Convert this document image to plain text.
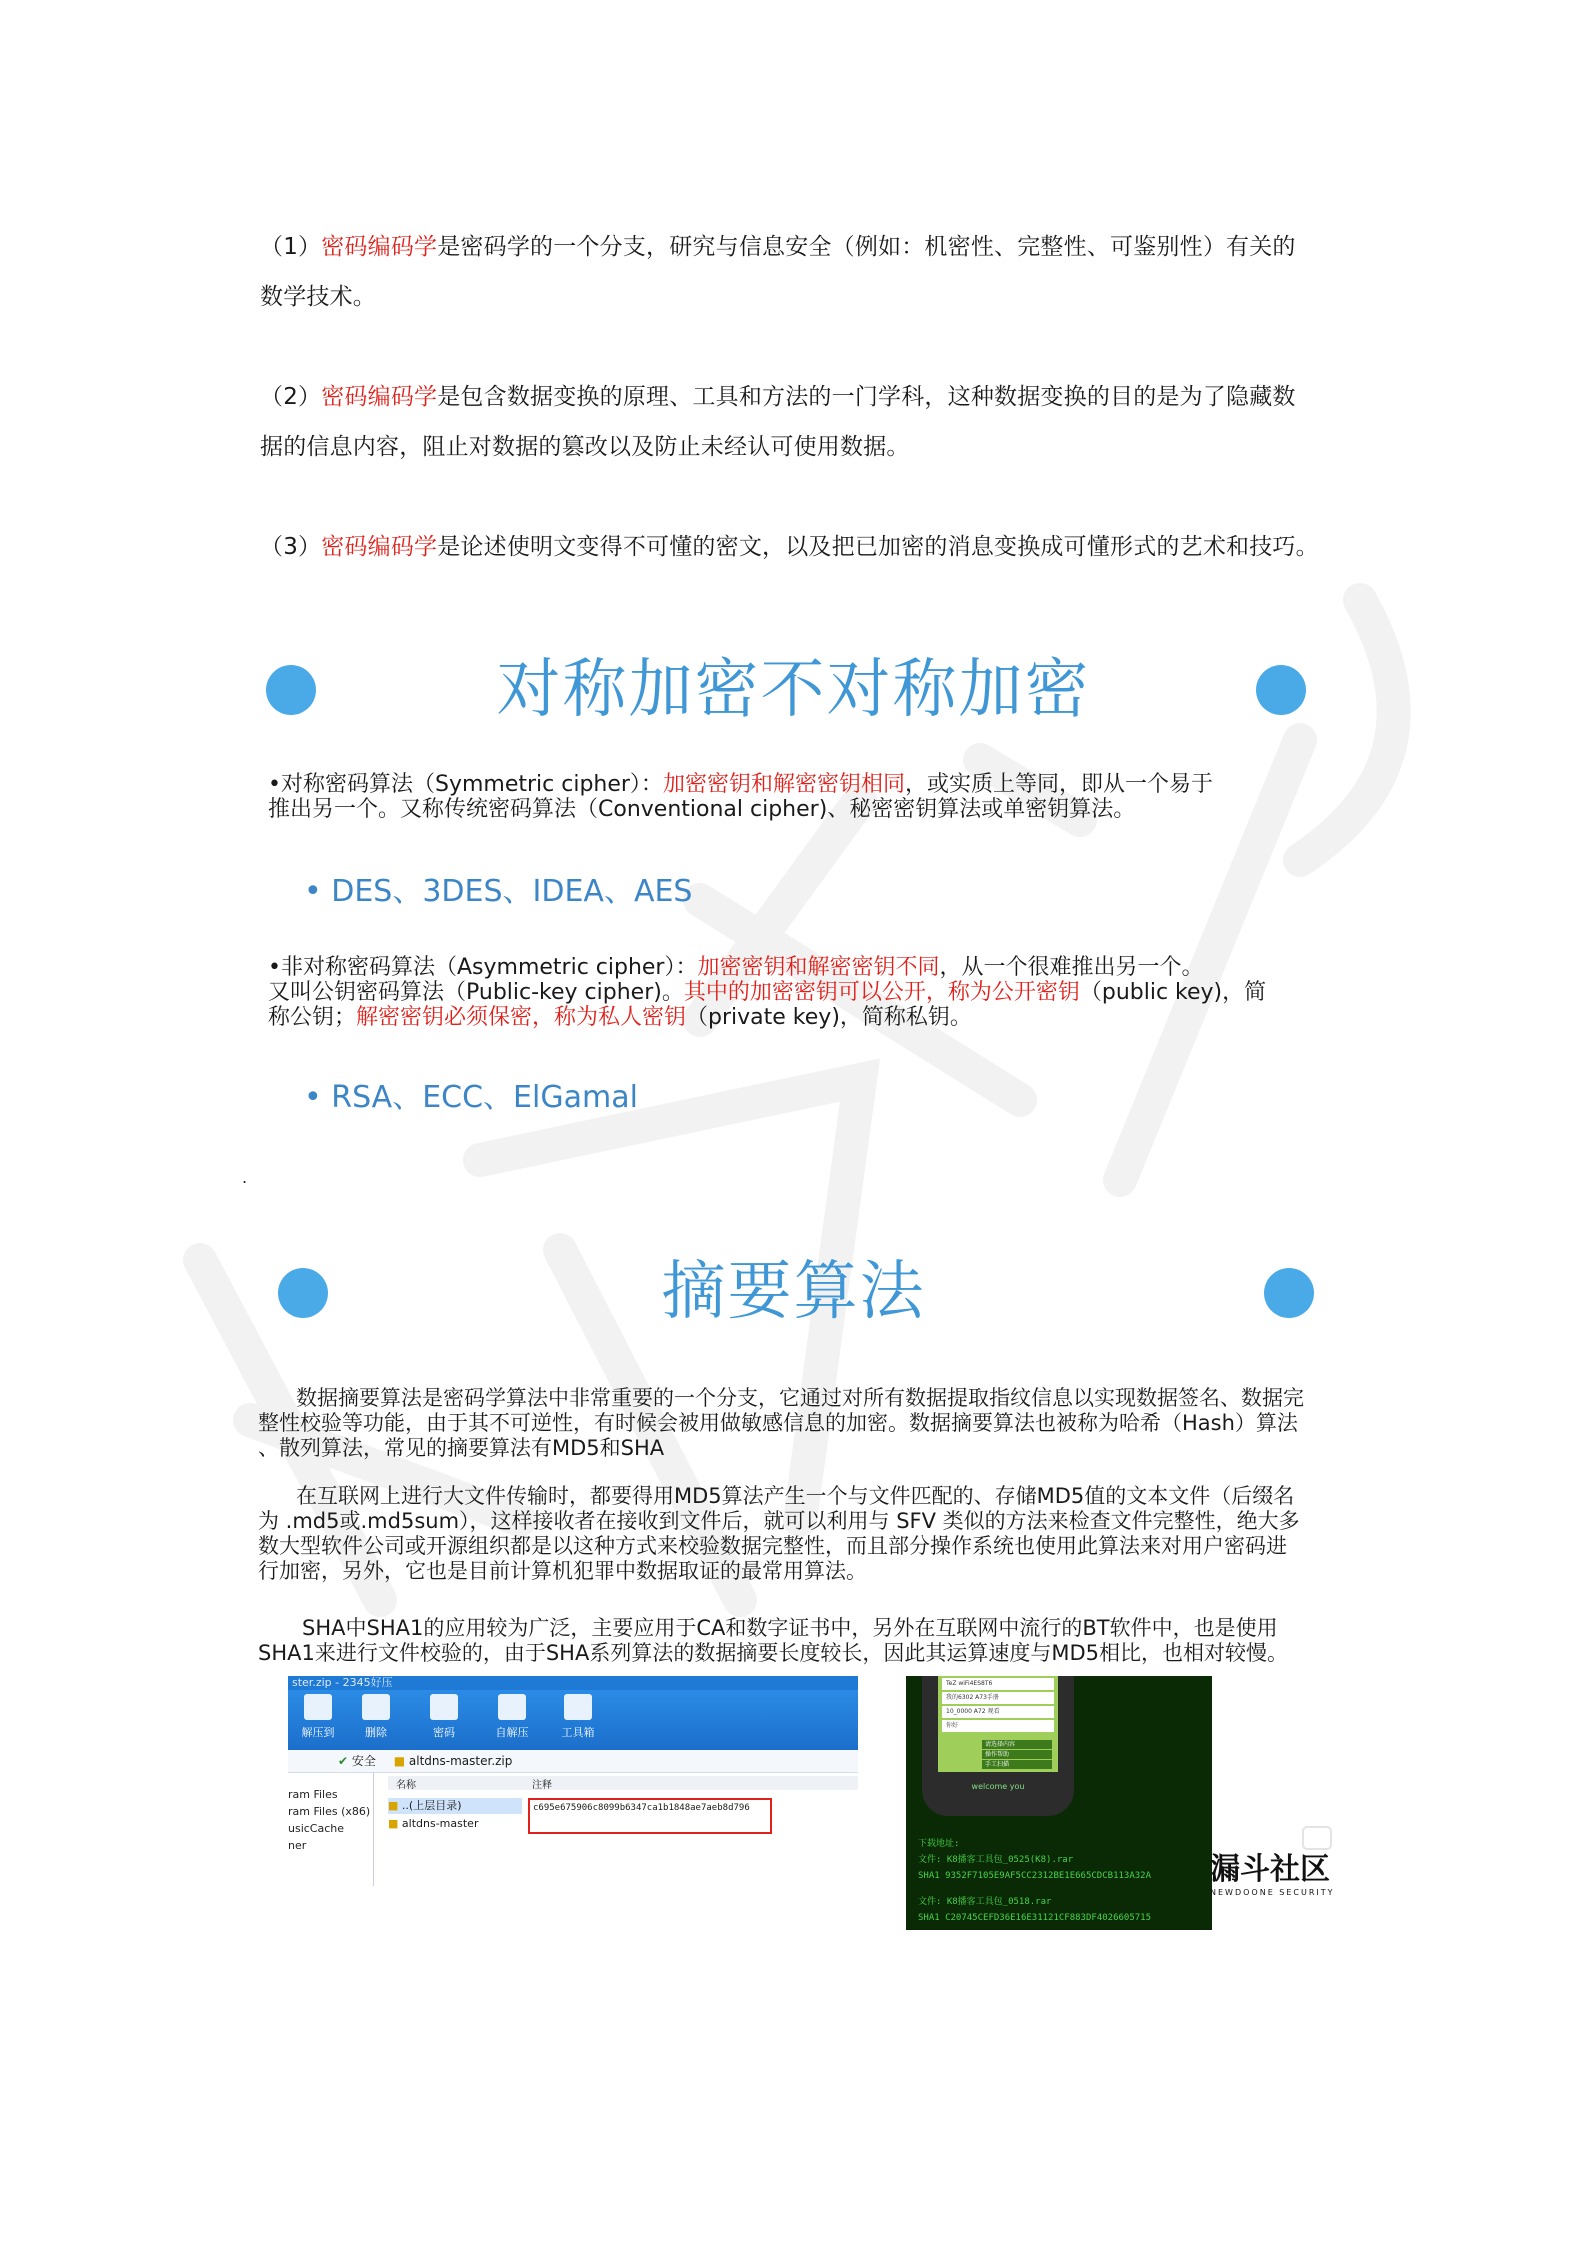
（1）密码编码学是密码学的一个分支，研究与信息安全（例如：机密性、完整性、可鉴别性）有关的
数学技术。
（2）密码编码学是包含数据变换的原理、工具和方法的一门学科，这种数据变换的目的是为了隐藏数
据的信息内容，阻止对数据的篡改以及防止未经认可使用数据。
（3）密码编码学是论述使明文变得不可懂的密文，以及把已加密的消息变换成可懂形式的艺术和技巧。
对称加密不对称加密
•对称密码算法（Symmetric cipher）：加密密钥和解密密钥相同，或实质上等同，即从一个易于
推出另一个。又称传统密码算法（Conventional cipher)、秘密密钥算法或单密钥算法。
• DES、3DES、IDEA、AES
•非对称密码算法（Asymmetric cipher）：加密密钥和解密密钥不同，从一个很难推出另一个。
又叫公钥密码算法（Public-key cipher)。其中的加密密钥可以公开，称为公开密钥（public key)，简
称公钥；解密密钥必须保密，称为私人密钥（private key)，简称私钥。
• RSA、ECC、ElGamal
.
摘要算法
数据摘要算法是密码学算法中非常重要的一个分支，它通过对所有数据提取指纹信息以实现数据签名、数据完
整性校验等功能，由于其不可逆性，有时候会被用做敏感信息的加密。数据摘要算法也被称为哈希（Hash）算法
、散列算法，常见的摘要算法有MD5和SHA
在互联网上进行大文件传输时，都要得用MD5算法产生一个与文件匹配的、存储MD5值的文本文件（后缀名
为 .md5或.md5sum），这样接收者在接收到文件后，就可以利用与 SFV 类似的方法来检查文件完整性，绝大多
数大型软件公司或开源组织都是以这种方式来校验数据完整性，而且部分操作系统也使用此算法来对用户密码进
行加密，另外，它也是目前计算机犯罪中数据取证的最常用算法。
SHA中SHA1的应用较为广泛，主要应用于CA和数字证书中，另外在互联网中流行的BT软件中，也是使用
SHA1来进行文件校验的，由于SHA系列算法的数据摘要长度较长，因此其运算速度与MD5相比，也相对较慢。
ster.zip - 2345好压
解压到	删除	密码	自解压	工具箱
✔ 安全 ■ altdns-master.zip
ram Files
ram Files (x86)
usicCache
ner
名称	注释
■ ..(上层目录)
■ altdns-master
c695e675906c8099b6347ca1b1848ae7aeb8d796
TeZ wiFi4ES8T6
我的6302 A73手册
10_0000 A72 观看
你好
请选择内容
操作帮助
手工扫描
welcome you
下载地址:
文件: K8播客工具包_0525(K8).rar
SHA1 9352F7105E9AF5CC2312BE1E665CDCB113A32A
文件: K8播客工具包_0518.rar
SHA1 C20745CEFD36E16E31121CF883DF4026605715
漏斗社区
NEWDOONE SECURITY
